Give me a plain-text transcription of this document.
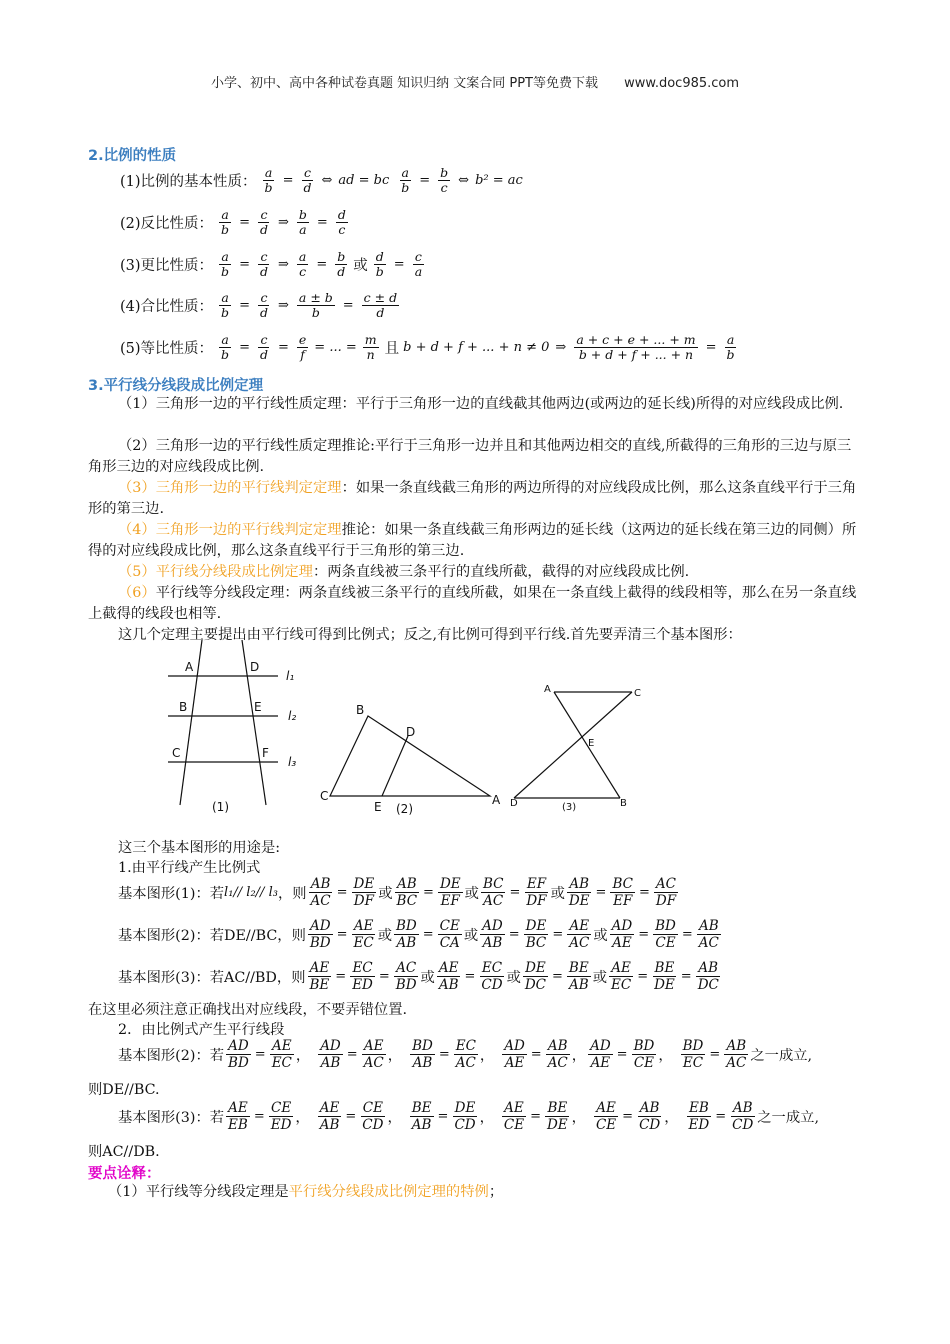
小学、初中、高中各种试卷真题 知识归纳 文案合同 PPT等免费下载 www.doc985.com
2.比例的性质
(1)比例的基本性质： $\frac{a}{b} = \frac{c}{d}$ ⇔ ad = bc $\frac{a}{b} = \frac{b}{c}$ ⇔ b² = ac
(2)反比性质： $\frac{a}{b} = \frac{c}{d}$ ⇒ $\frac{b}{a} = \frac{d}{c}$
(3)更比性质： $\frac{a}{b} = \frac{c}{d}$ ⇒ $\frac{a}{c} = \frac{b}{d}$ 或 $\frac{d}{b} = \frac{c}{a}$
(4)合比性质： $\frac{a}{b} = \frac{c}{d}$ ⇒ $\frac{a \pm b}{b} = \frac{c \pm d}{d}$
(5)等比性质： $\frac{a}{b} = \frac{c}{d} = \frac{e}{f}$ = ... = $\frac{m}{n}$ 且 b + d + f + ... + n ≠ 0 ⇒ $\frac{a + c + e + ... + m}{b + d + f + ... + n} = \frac{a}{b}$
3.平行线分线段成比例定理
（1）三角形一边的平行线性质定理：平行于三角形一边的直线截其他两边(或两边的延长线)所得的对应线段成比例.
（2）三角形一边的平行线性质定理推论:平行于三角形一边并且和其他两边相交的直线,所截得的三角形的三边与原三角形三边的对应线段成比例.
（3）三角形一边的平行线判定定理：如果一条直线截三角形的两边所得的对应线段成比例，那么这条直线平行于三角形的第三边.
（4）三角形一边的平行线判定定理推论：如果一条直线截三角形两边的延长线（这两边的延长线在第三边的同侧）所得的对应线段成比例，那么这条直线平行于三角形的第三边.
（5）平行线分线段成比例定理：两条直线被三条平行的直线所截，截得的对应线段成比例.
（6）平行线等分线段定理：两条直线被三条平行的直线所截，如果在一条直线上截得的线段相等，那么在另一条直线上截得的线段也相等.
这几个定理主要提出由平行线可得到比例式；反之,有比例可得到平行线.首先要弄清三个基本图形：
A	D
B	E
C	F
l₁
l₂
l₃
(1)
B
D
C
E	A
(2)
A	C
E
D	B
(3)
这三个基本图形的用途是:
1.由平行线产生比例式
基本图形(1)：若 l₁// l₂// l₃ ，则 $\frac{AB}{AC} = \frac{DE}{DF}$ 或 $\frac{AB}{BC} = \frac{DE}{EF}$ 或 $\frac{BC}{AC} = \frac{EF}{DF}$ 或 $\frac{AB}{DE} = \frac{BC}{EF} = \frac{AC}{DF}$
基本图形(2)：若DE//BC，则 $\frac{AD}{BD} = \frac{AE}{EC}$ 或 $\frac{BD}{AB} = \frac{CE}{CA}$ 或 $\frac{AD}{AB} = \frac{DE}{BC} = \frac{AE}{AC}$ 或 $\frac{AD}{AE} = \frac{BD}{CE} = \frac{AB}{AC}$
基本图形(3)：若AC//BD，则 $\frac{AE}{BE} = \frac{EC}{ED} = \frac{AC}{BD}$ 或 $\frac{AE}{AB} = \frac{EC}{CD}$ 或 $\frac{DE}{DC} = \frac{BE}{AB}$ 或 $\frac{AE}{EC} = \frac{BE}{DE} = \frac{AB}{DC}$
在这里必须注意正确找出对应线段，不要弄错位置.
2．由比例式产生平行线段
基本图形(2)：若 $\frac{AD}{BD} = \frac{AE}{EC}$ ， $\frac{AD}{AB} = \frac{AE}{AC}$ ， $\frac{BD}{AB} = \frac{EC}{AC}$ ， $\frac{AD}{AE} = \frac{AB}{AC}$ ， $\frac{AD}{AE} = \frac{BD}{CE}$ ， $\frac{BD}{EC} = \frac{AB}{AC}$ 之一成立,
则DE//BC.
基本图形(3)：若 $\frac{AE}{EB} = \frac{CE}{ED}$ ， $\frac{AE}{AB} = \frac{CE}{CD}$ ， $\frac{BE}{AB} = \frac{DE}{CD}$ ， $\frac{AE}{CE} = \frac{BE}{DE}$ ， $\frac{AE}{CE} = \frac{AB}{CD}$ ， $\frac{EB}{ED} = \frac{AB}{CD}$ 之一成立,
则AC//DB.
要点诠释：
（1）平行线等分线段定理是平行线分线段成比例定理的特例；
